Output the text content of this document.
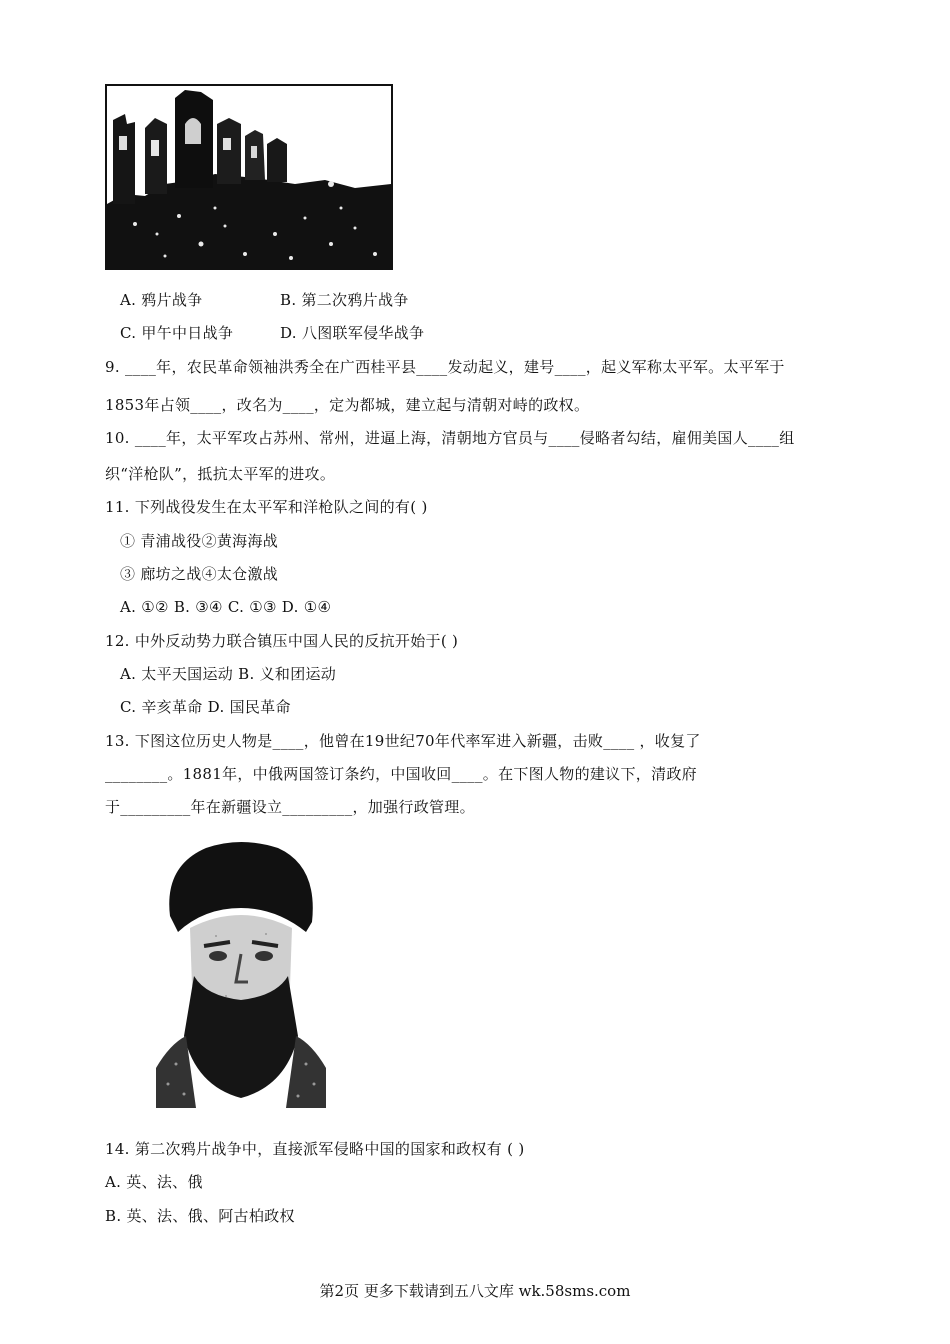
A. 鸦片战争	B. 第二次鸦片战争
C. 甲午中日战争	D. 八图联军侵华战争
9. ____年，农民革命领袖洪秀全在广西桂平县____发动起义，建号____，起义军称太平军。太平军于
1853年占领____，改名为____，定为都城，建立起与清朝对峙的政权。
10. ____年，太平军攻占苏州、常州，进逼上海，清朝地方官员与____侵略者勾结，雇佣美国人____组
织“洋枪队”，抵抗太平军的进攻。
11. 下列战役发生在太平军和洋枪队之间的有( )
① 青浦战役②黄海海战
③ 廊坊之战④太仓激战
A. ①② B. ③④ C. ①③ D. ①④
12. 中外反动势力联合镇压中国人民的反抗开始于( )
A. 太平天国运动 B. 义和团运动
C. 辛亥革命 D. 国民革命
13. 下图这位历史人物是____，他曾在19世纪70年代率军进入新疆，击败____ ，收复了
________。1881年，中俄两国签订条约，中国收回____。在下图人物的建议下，清政府
于_________年在新疆设立_________，加强行政管理。
14. 第二次鸦片战争中，直接派军侵略中国的国家和政权有 ( )
A. 英、法、俄
B. 英、法、俄、阿古柏政权
第2页 更多下载请到五八文库 wk.58sms.com
